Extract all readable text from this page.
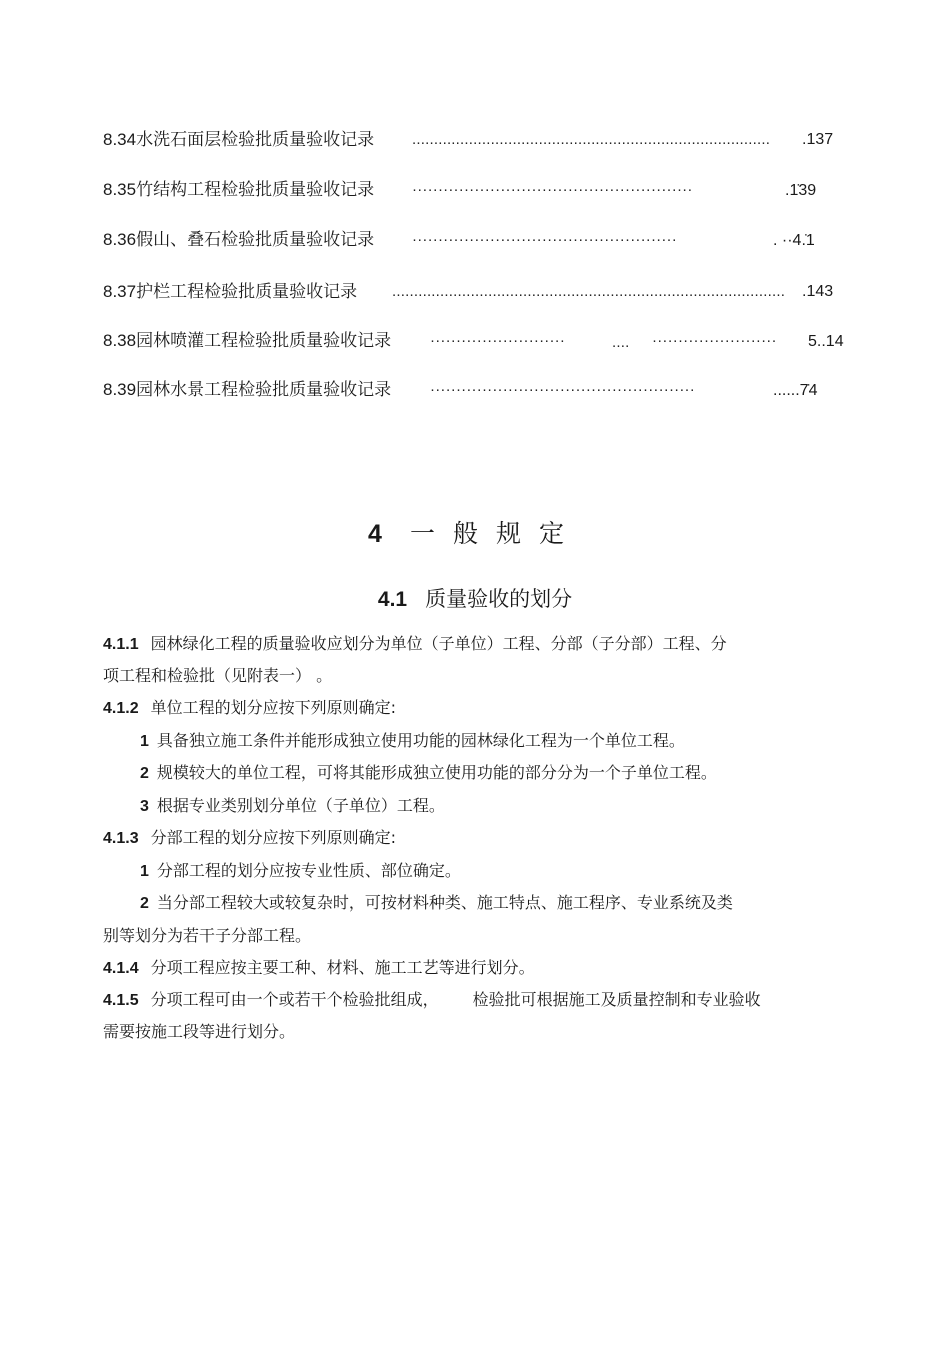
8.34水洗石面层检验批质量验收记录	..................................................................................	.137
8.35竹结构工程检验批质量验收记录	······················································	.1̇39
8.36假山、叠石检验批质量验收记录	···················································	. ··4.̇1
8.37护栏工程检验批质量验收记录 ..........................................................................................	.143
8.38园林喷灌工程检验批质量验收记录	··························	....	························	5..14
8.39园林水景工程检验批质量验收记录	···················································	......7̇4
4 一般规定
4.1 质量验收的划分
4.1.1 园林绿化工程的质量验收应划分为单位（子单位）工程、分部（子分部）工程、分
项工程和检验批（见附表一） 。
4.1.2 单位工程的划分应按下列原则确定:
1 具备独立施工条件并能形成独立使用功能的园林绿化工程为一个单位工程。
2 规模较大的单位工程，可将其能形成独立使用功能的部分分为一个子单位工程。
3 根据专业类别划分单位（子单位）工程。
4.1.3 分部工程的划分应按下列原则确定:
1 分部工程的划分应按专业性质、部位确定。
2 当分部工程较大或较复杂时，可按材料种类、施工特点、施工程序、专业系统及类
别等划分为若干子分部工程。
4.1.4 分项工程应按主要工种、材料、施工工艺等进行划分。
4.1.5 分项工程可由一个或若干个检验批组成， 检验批可根据施工及质量控制和专业验收
需要按施工段等进行划分。
